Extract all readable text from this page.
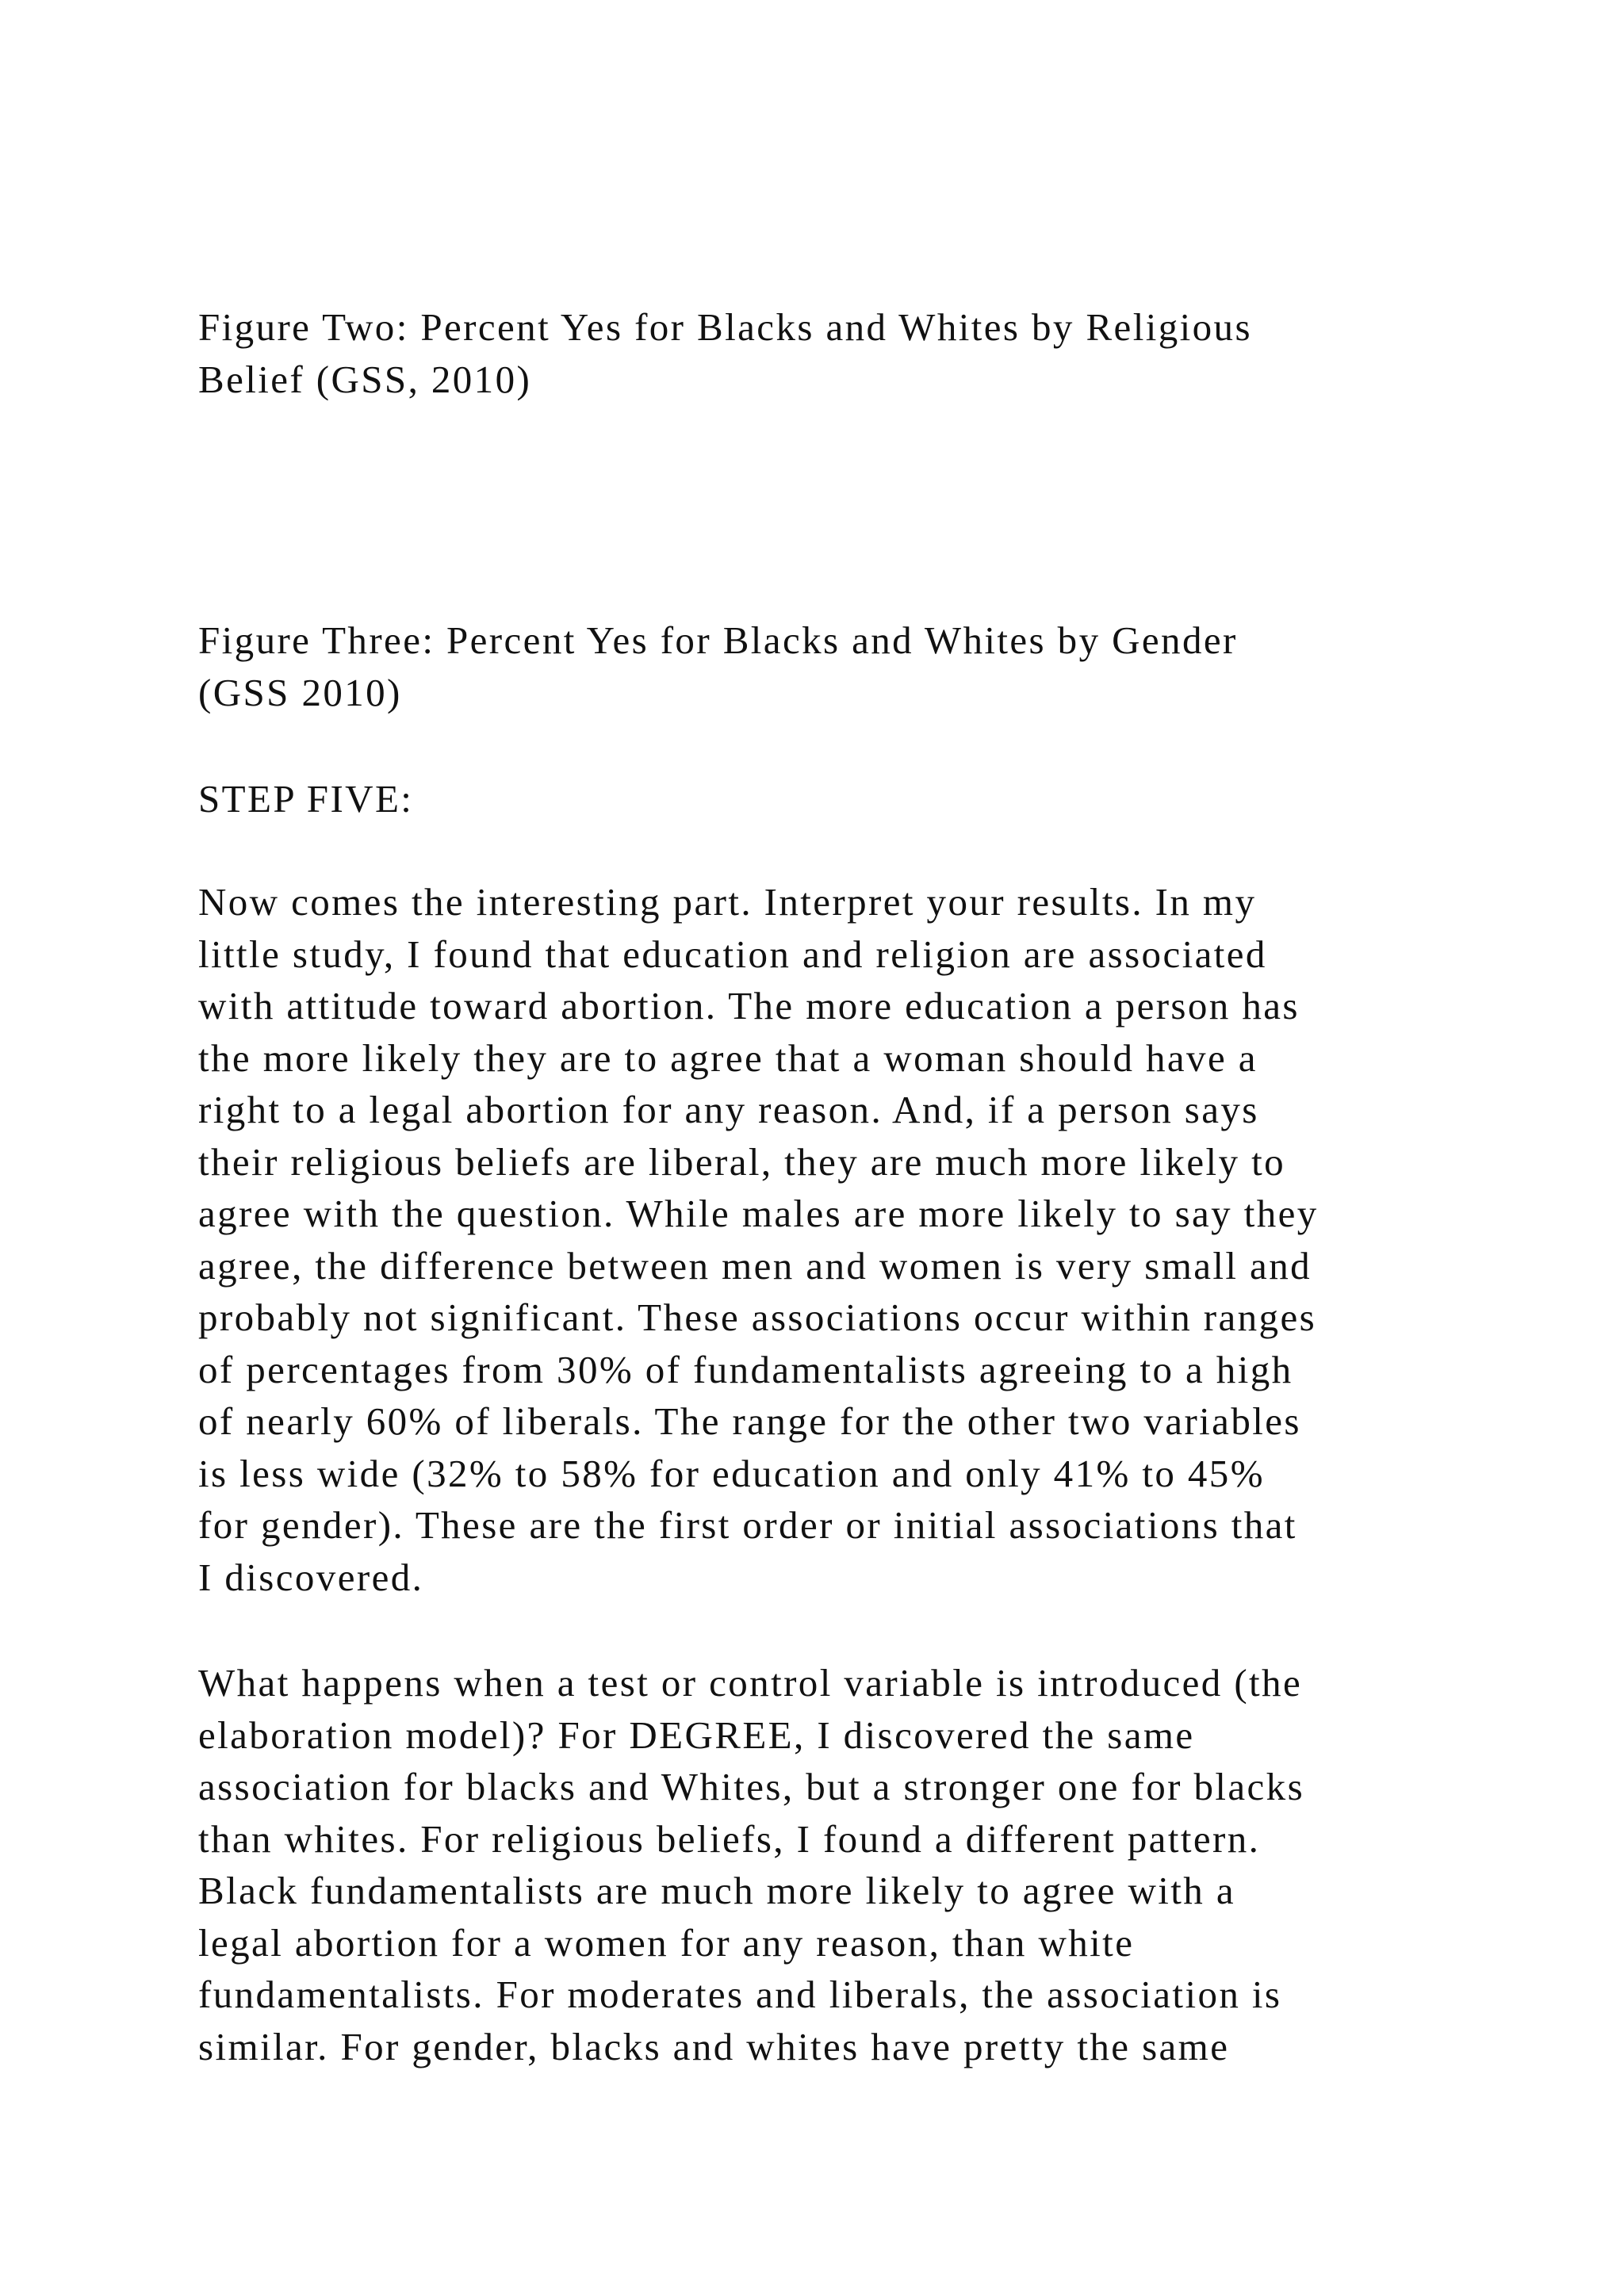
Figure Two: Percent Yes for Blacks and Whites by Religious
Belief (GSS, 2010)
Figure Three: Percent Yes for Blacks and Whites by Gender
(GSS 2010)
STEP FIVE:
Now comes the interesting part. Interpret your results. In my
little study, I found that education and religion are associated
with attitude toward abortion. The more education a person has
the more likely they are to agree that a woman should have a
right to a legal abortion for any reason. And, if a person says
their religious beliefs are liberal, they are much more likely to
agree with the question. While males are more likely to say they
agree, the difference between men and women is very small and
probably not significant. These associations occur within ranges
of percentages from 30% of fundamentalists agreeing to a high
of nearly 60% of liberals. The range for the other two variables
is less wide (32% to 58% for education and only 41% to 45%
for gender). These are the first order or initial associations that
I discovered.
What happens when a test or control variable is introduced (the
elaboration model)? For DEGREE, I discovered the same
association for blacks and Whites, but a stronger one for blacks
than whites. For religious beliefs, I found a different pattern.
Black fundamentalists are much more likely to agree with a
legal abortion for a women for any reason, than white
fundamentalists. For moderates and liberals, the association is
similar. For gender, blacks and whites have pretty the same
